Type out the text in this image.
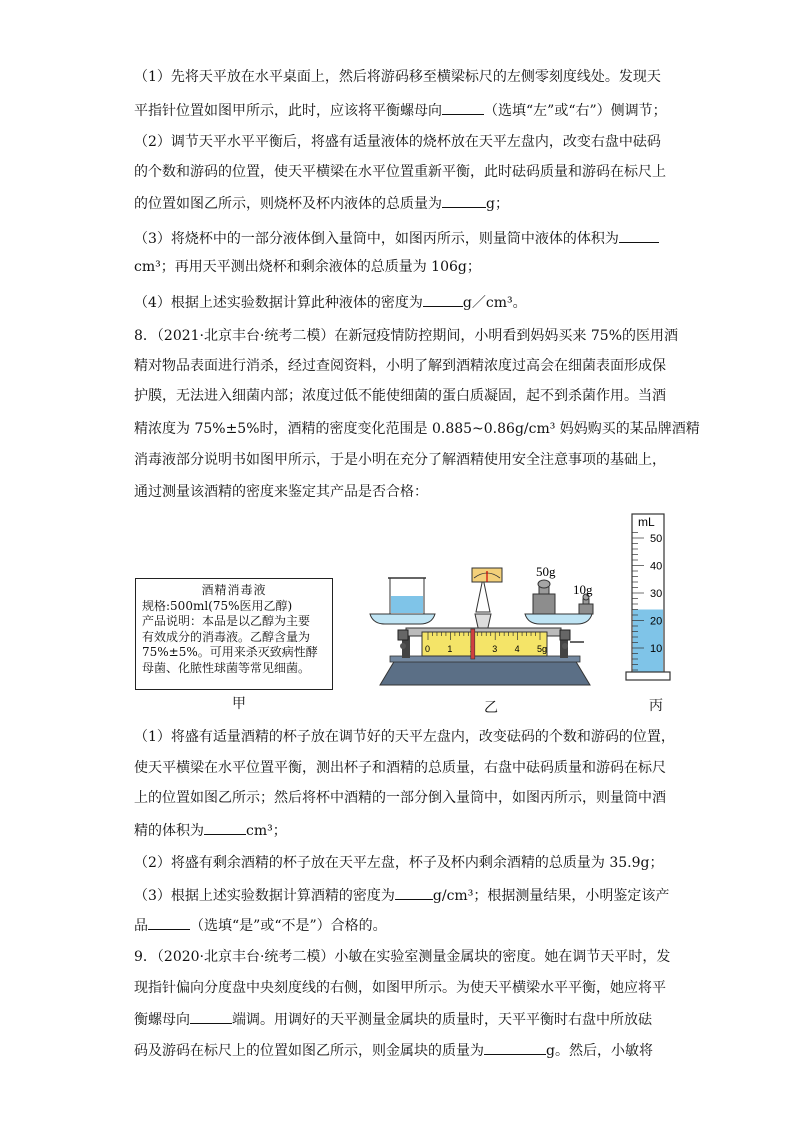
（1）先将天平放在水平桌面上，然后将游码移至横梁标尺的左侧零刻度线处。发现天
平指针位置如图甲所示，此时，应该将平衡螺母向	（选填“左”或“右”）侧调节；
（2）调节天平水平平衡后，将盛有适量液体的烧杯放在天平左盘内，改变右盘中砝码
的个数和游码的位置，使天平横梁在水平位置重新平衡，此时砝码质量和游码在标尺上
的位置如图乙所示，则烧杯及杯内液体的总质量为	g；
（3）将烧杯中的一部分液体倒入量筒中，如图丙所示，则量筒中液体的体积为
cm³；再用天平测出烧杯和剩余液体的总质量为 106g；
（4）根据上述实验数据计算此种液体的密度为	g／cm³。
8．（2021·北京丰台·统考二模）在新冠疫情防控期间，小明看到妈妈买来 75%的医用酒
精对物品表面进行消杀，经过查阅资料，小明了解到酒精浓度过高会在细菌表面形成保
护膜，无法进入细菌内部；浓度过低不能使细菌的蛋白质凝固，起不到杀菌作用。当酒
精浓度为 75%±5%时，酒精的密度变化范围是 0.885~0.86g/cm³ 妈妈购买的某品牌酒精
消毒液部分说明书如图甲所示，于是小明在充分了解酒精使用安全注意事项的基础上，
通过测量该酒精的密度来鉴定其产品是否合格：
酒精消毒液
规格:500ml(75%医用乙醇)
产品说明：本品是以乙醇为主要
有效成分的消毒液。乙醇含量为
75%±5%。可用来杀灭致病性酵
母菌、化脓性球菌等常见细菌。
甲
50g
10g
0 1	3 4 5g
乙
mL
50
40
30
20
10
丙
（1）将盛有适量酒精的杯子放在调节好的天平左盘内，改变砝码的个数和游码的位置，
使天平横梁在水平位置平衡，测出杯子和酒精的总质量，右盘中砝码质量和游码在标尺
上的位置如图乙所示；然后将杯中酒精的一部分倒入量筒中，如图丙所示，则量筒中酒
精的体积为	cm³；
（2）将盛有剩余酒精的杯子放在天平左盘，杯子及杯内剩余酒精的总质量为 35.9g；
（3）根据上述实验数据计算酒精的密度为	g/cm³；根据测量结果，小明鉴定该产
品	（选填“是”或“不是”）合格的。
9．（2020·北京丰台·统考二模）小敏在实验室测量金属块的密度。她在调节天平时，发
现指针偏向分度盘中央刻度线的右侧，如图甲所示。为使天平横梁水平平衡，她应将平
衡螺母向	端调。用调好的天平测量金属块的质量时，天平平衡时右盘中所放砝
码及游码在标尺上的位置如图乙所示，则金属块的质量为	g。然后，小敏将
